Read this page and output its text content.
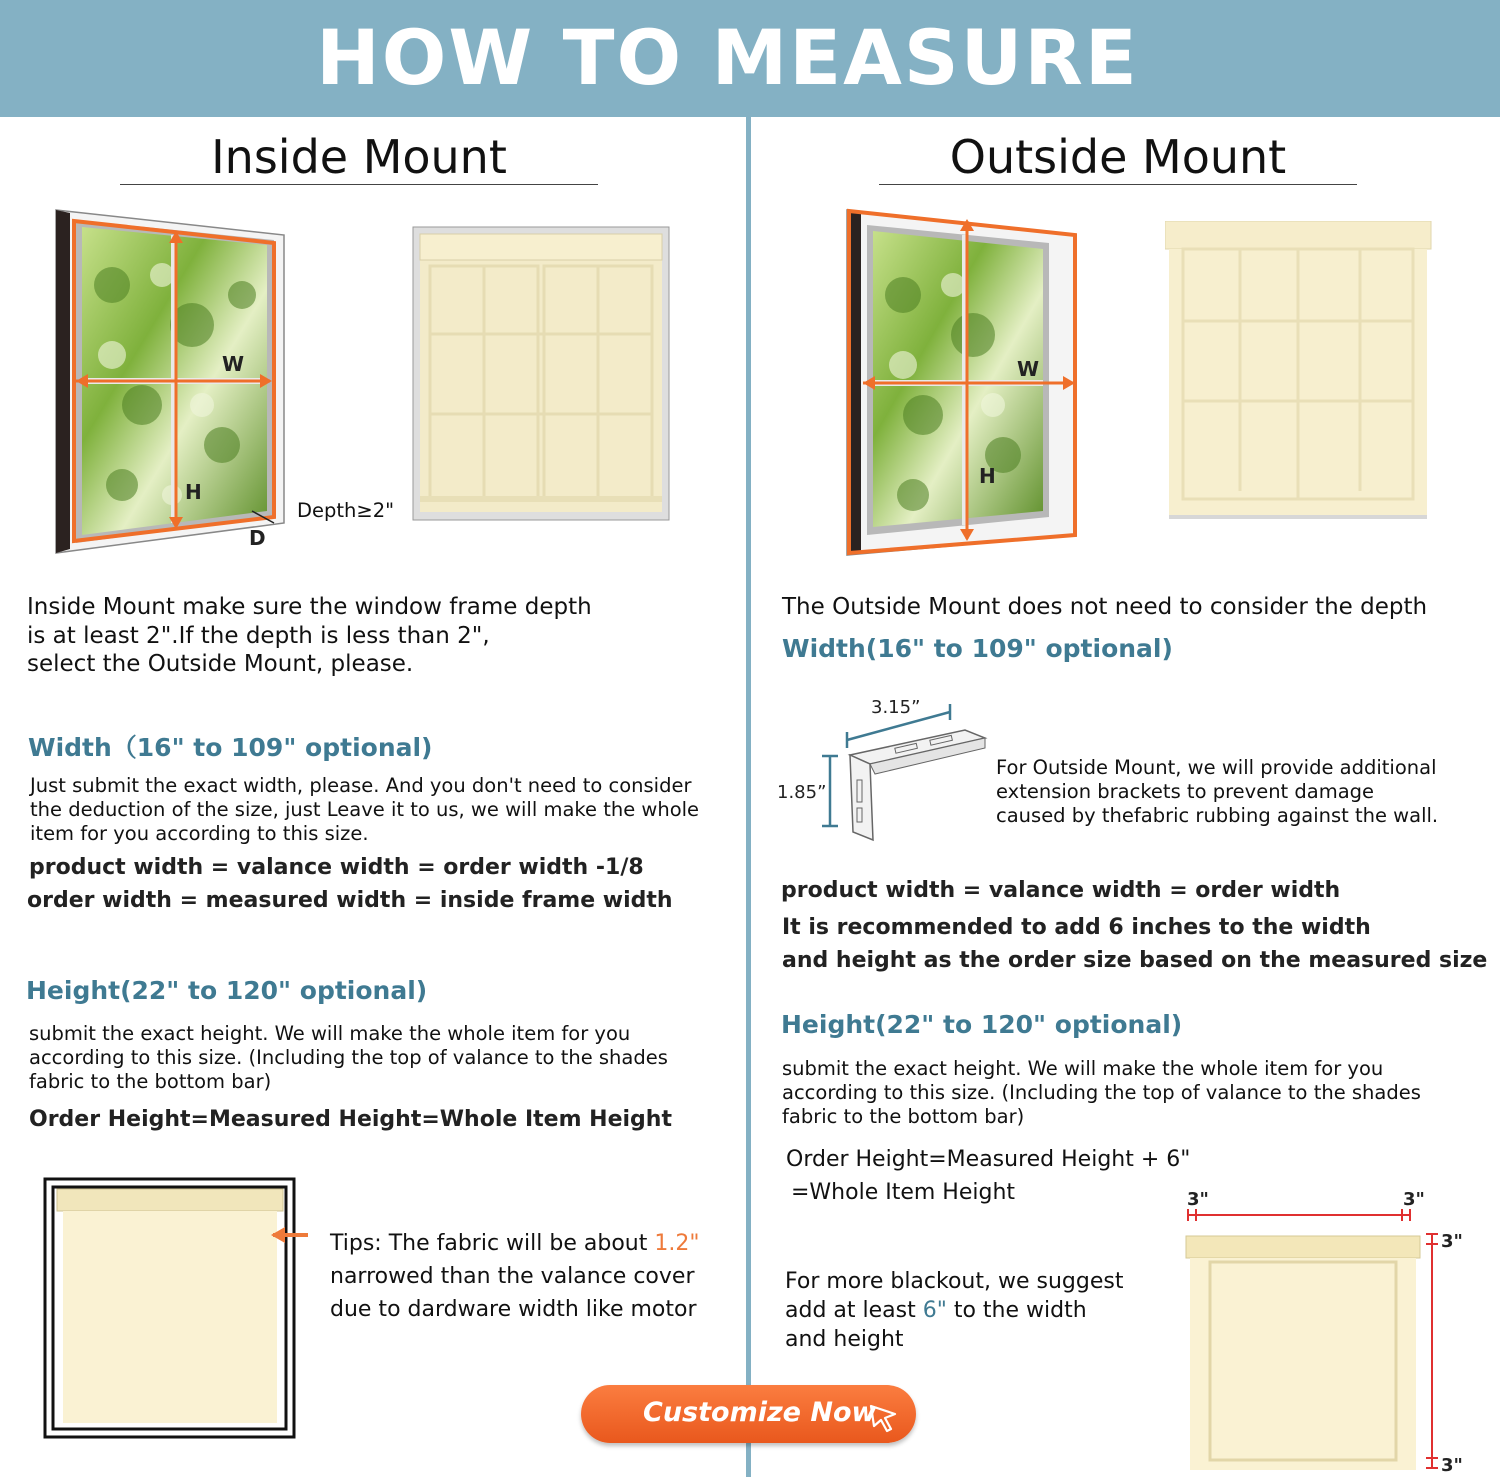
HOW TO MEASURE
Inside Mount
W
H
D
Depth≥2"
Inside Mount make sure the window frame depth
is at least 2".If the depth is less than 2",
select the Outside Mount, please.
Width（16" to 109" optional)
Just submit the exact width, please. And you don't need to consider
the deduction of the size, just Leave it to us, we will make the whole
item for you according to this size.
product width = valance width = order width -1/8
order width = measured width = inside frame width
Height(22" to 120" optional)
submit the exact height. We will make the whole item for you
according to this size. (Including the top of valance to the shades
fabric to the bottom bar)
Order Height=Measured Height=Whole Item Height
Tips: The fabric will be about 1.2"
narrowed than the valance cover
due to dardware width like motor
Outside Mount
W
H
The Outside Mount does not need to consider the depth
Width(16" to 109" optional)
3.15”
1.85”
For Outside Mount, we will provide additional
extension brackets to prevent damage
caused by thefabric rubbing against the wall.
product width = valance width = order width
It is recommended to add 6 inches to the width
and height as the order size based on the measured size
Height(22" to 120" optional)
submit the exact height. We will make the whole item for you
according to this size. (Including the top of valance to the shades
fabric to the bottom bar)
Order Height=Measured Height + 6"
=Whole Item Height
For more blackout, we suggest
add at least 6" to the width
and height
3"	3"
3"
3"
Customize Now
